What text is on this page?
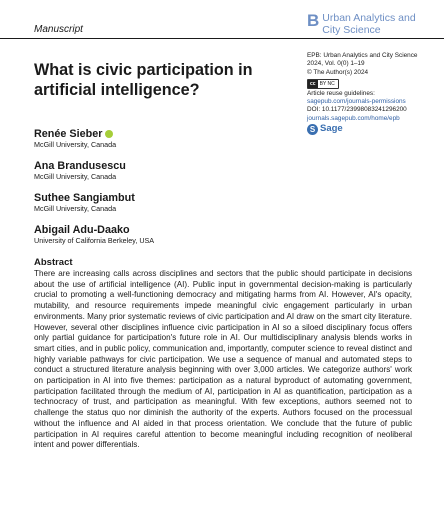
Manuscript	B Urban Analytics and
City Science
EPB: Urban Analytics and City Science
2024, Vol. 0(0) 1–19
© The Author(s) 2024
cc BY NC
Article reuse guidelines:
sagepub.com/journals-permissions

DOI: 10.1177/23998083241296200
journals.sagepub.com/home/epb
S Sage
What is civic participation in artificial intelligence?
Renée Sieber
McGill University, Canada
Ana Brandusescu
McGill University, Canada
Suthee Sangiambut
McGill University, Canada
Abigail Adu-Daako
University of California Berkeley, USA
Abstract
There are increasing calls across disciplines and sectors that the public should participate in decisions about the use of artificial intelligence (AI). Public input in governmental decision-making is particularly crucial to promoting a well-functioning democracy and mitigating harms from AI. However, AI's opacity, mutability, and resource requirements impede meaningful civic engagement particularly in urban environments. Many prior systematic reviews of civic participation and AI draw on the smart city literature. However, several other disciplines influence civic participation in AI so a siloed disciplinary focus offers only partial guidance for participation's future role in AI. Our multidisciplinary analysis blends works in smart cities, and in public policy, communication and, importantly, computer science to reveal distinct and highly variable pathways for civic participation. We use a sequence of manual and automated steps to conduct a structured literature analysis beginning with over 3,000 articles. We categorize authors' work on participation in AI into five themes: participation as a natural byproduct of automating government, participation facilitated through the medium of AI, participation in AI as quantification, participation as a technocracy of trust, and participation as meaningful. With few exceptions, authors seemed not to challenge the status quo nor diminish the authority of the experts. Authors focused on the processual without the influence and AI aided in that process orientation. We conclude that the future of public participation in AI requires careful attention to become meaningful including recognition of neoliberal intent and power differentials.
